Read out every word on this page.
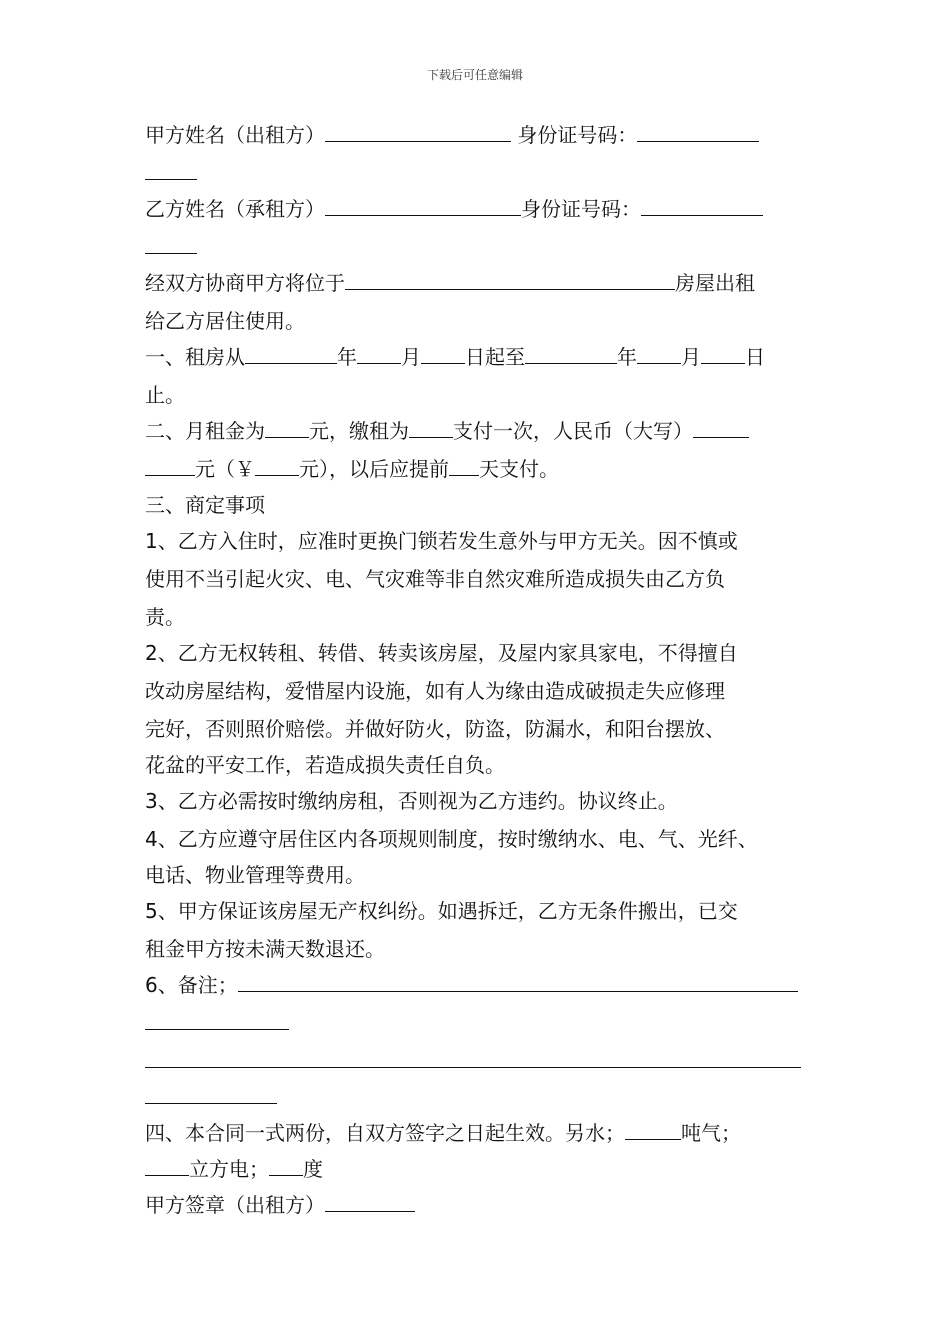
下载后可任意编辑
甲方姓名（出租方）	身份证号码：
乙方姓名（承租方）	身份证号码：
经双方协商甲方将位于	房屋出租
给乙方居住使用。
一、租房从	年 月 日起至	年 月 日
止。
二、月租金为 元，缴租为 支付一次，人民币（大写）
元（￥ 元），以后应提前 天支付。
三、商定事项
1、乙方入住时，应准时更换门锁若发生意外与甲方无关。因不慎或
使用不当引起火灾、电、气灾难等非自然灾难所造成损失由乙方负
责。
2、乙方无权转租、转借、转卖该房屋，及屋内家具家电，不得擅自
改动房屋结构，爱惜屋内设施，如有人为缘由造成破损走失应修理
完好，否则照价赔偿。并做好防火，防盗，防漏水，和阳台摆放、
花盆的平安工作，若造成损失责任自负。
3、乙方必需按时缴纳房租，否则视为乙方违约。协议终止。
4、乙方应遵守居住区内各项规则制度，按时缴纳水、电、气、光纤、
电话、物业管理等费用。
5、甲方保证该房屋无产权纠纷。如遇拆迁，乙方无条件搬出，已交
租金甲方按未满天数退还。
6、备注；
四、本合同一式两份，自双方签字之日起生效。另水；	吨气；
立方电； 度
甲方签章（出租方）
